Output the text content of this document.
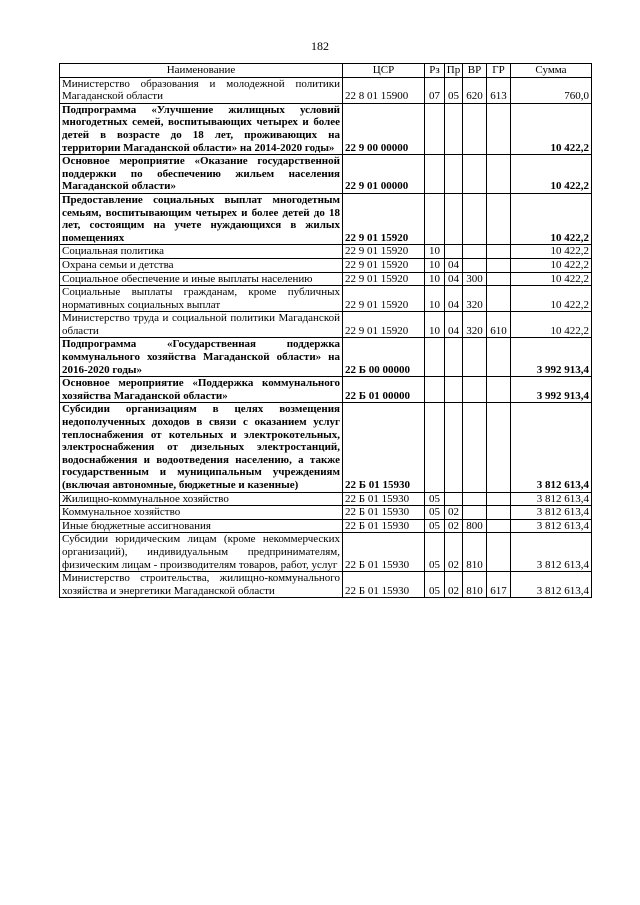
182
Наименование	ЦСР	Рз	Пр	ВР	ГР	Сумма
Министерство образования и молодежной политики Магаданской области	22 8 01 15900	07	05	620	613	760,0
Подпрограмма «Улучшение жилищных условий многодетных семей, воспитывающих четырех и более детей в возрасте до 18 лет, проживающих на территории Магаданской области» на 2014-2020 годы»	22 9 00 00000					10 422,2
Основное мероприятие «Оказание государственной поддержки по обеспечению жильем населения Магаданской области»	22 9 01 00000					10 422,2
Предоставление социальных выплат многодетным семьям, воспитывающим четырех и более детей до 18 лет, состоящим на учете нуждающихся в жилых помещениях	22 9 01 15920					10 422,2
Социальная политика	22 9 01 15920	10				10 422,2
Охрана семьи и детства	22 9 01 15920	10	04			10 422,2
Социальное обеспечение и иные выплаты населению	22 9 01 15920	10	04	300		10 422,2
Социальные выплаты гражданам, кроме публичных нормативных социальных выплат	22 9 01 15920	10	04	320		10 422,2
Министерство труда и социальной политики Магаданской области	22 9 01 15920	10	04	320	610	10 422,2
Подпрограмма «Государственная поддержка коммунального хозяйства Магаданской области» на 2016-2020 годы»	22 Б 00 00000					3 992 913,4
Основное мероприятие «Поддержка коммунального хозяйства Магаданской области»	22 Б 01 00000					3 992 913,4
Субсидии организациям в целях возмещения недополученных доходов в связи с оказанием услуг теплоснабжения от котельных и электрокотельных, электроснабжения от дизельных электростанций, водоснабжения и водоотведения населению, а также государственным и муниципальным учреждениям (включая автономные, бюджетные и казенные)	22 Б 01 15930					3 812 613,4
Жилищно-коммунальное хозяйство	22 Б 01 15930	05				3 812 613,4
Коммунальное хозяйство	22 Б 01 15930	05	02			3 812 613,4
Иные бюджетные ассигнования	22 Б 01 15930	05	02	800		3 812 613,4
Субсидии юридическим лицам (кроме некоммерческих организаций), индивидуальным предпринимателям, физическим лицам - производителям товаров, работ, услуг	22 Б 01 15930	05	02	810		3 812 613,4
Министерство строительства, жилищно-коммунального хозяйства и энергетики Магаданской области	22 Б 01 15930	05	02	810	617	3 812 613,4
